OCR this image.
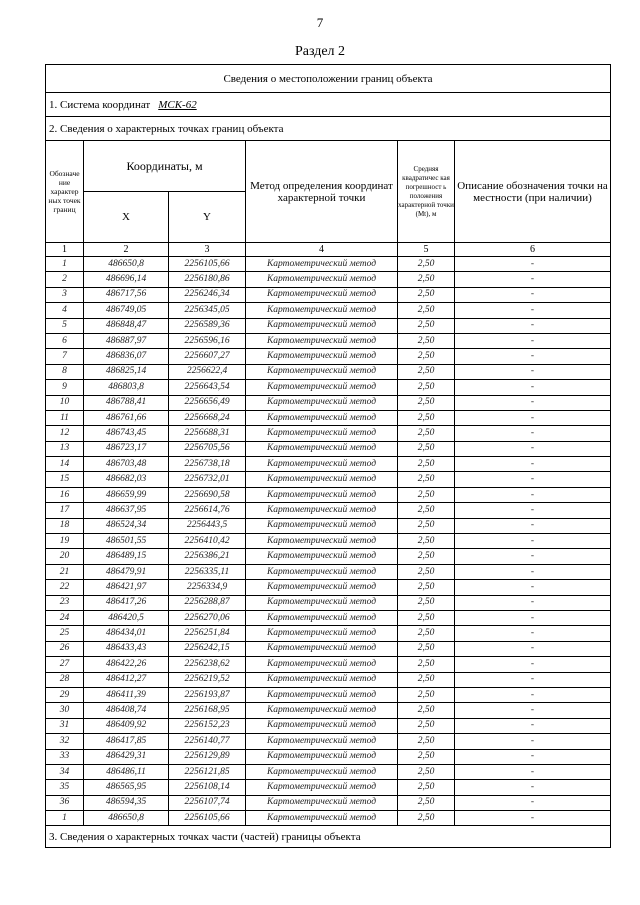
7
Раздел 2
Сведения о местоположении границ объекта					
1. Система координат МСК-62					
2. Сведения о характерных точках границ объекта					
Обозначе ние характер ных точек границ	Координаты, м		Метод определения координат характерной точки	Средняя квадратичес кая погрешност ь положения характерной точки (Mt), м	Описание обозначения точки на местности (при наличии)
	X	Y			
1	2	3	4	5	6
1	486650,8	2256105,66	Картометрический метод	2,50	-
2	486696,14	2256180,86	Картометрический метод	2,50	-
3	486717,56	2256246,34	Картометрический метод	2,50	-
4	486749,05	2256345,05	Картометрический метод	2,50	-
5	486848,47	2256589,36	Картометрический метод	2,50	-
6	486887,97	2256596,16	Картометрический метод	2,50	-
7	486836,07	2256607,27	Картометрический метод	2,50	-
8	486825,14	2256622,4	Картометрический метод	2,50	-
9	486803,8	2256643,54	Картометрический метод	2,50	-
10	486788,41	2256656,49	Картометрический метод	2,50	-
11	486761,66	2256668,24	Картометрический метод	2,50	-
12	486743,45	2256688,31	Картометрический метод	2,50	-
13	486723,17	2256705,56	Картометрический метод	2,50	-
14	486703,48	2256738,18	Картометрический метод	2,50	-
15	486682,03	2256732,01	Картометрический метод	2,50	-
16	486659,99	2256690,58	Картометрический метод	2,50	-
17	486637,95	2256614,76	Картометрический метод	2,50	-
18	486524,34	2256443,5	Картометрический метод	2,50	-
19	486501,55	2256410,42	Картометрический метод	2,50	-
20	486489,15	2256386,21	Картометрический метод	2,50	-
21	486479,91	2256335,11	Картометрический метод	2,50	-
22	486421,97	2256334,9	Картометрический метод	2,50	-
23	486417,26	2256288,87	Картометрический метод	2,50	-
24	486420,5	2256270,06	Картометрический метод	2,50	-
25	486434,01	2256251,84	Картометрический метод	2,50	-
26	486433,43	2256242,15	Картометрический метод	2,50	-
27	486422,26	2256238,62	Картометрический метод	2,50	-
28	486412,27	2256219,52	Картометрический метод	2,50	-
29	486411,39	2256193,87	Картометрический метод	2,50	-
30	486408,74	2256168,95	Картометрический метод	2,50	-
31	486409,92	2256152,23	Картометрический метод	2,50	-
32	486417,85	2256140,77	Картометрический метод	2,50	-
33	486429,31	2256129,89	Картометрический метод	2,50	-
34	486486,11	2256121,85	Картометрический метод	2,50	-
35	486565,95	2256108,14	Картометрический метод	2,50	-
36	486594,35	2256107,74	Картометрический метод	2,50	-
1	486650,8	2256105,66	Картометрический метод	2,50	-
3. Сведения о характерных точках части (частей) границы объекта					
